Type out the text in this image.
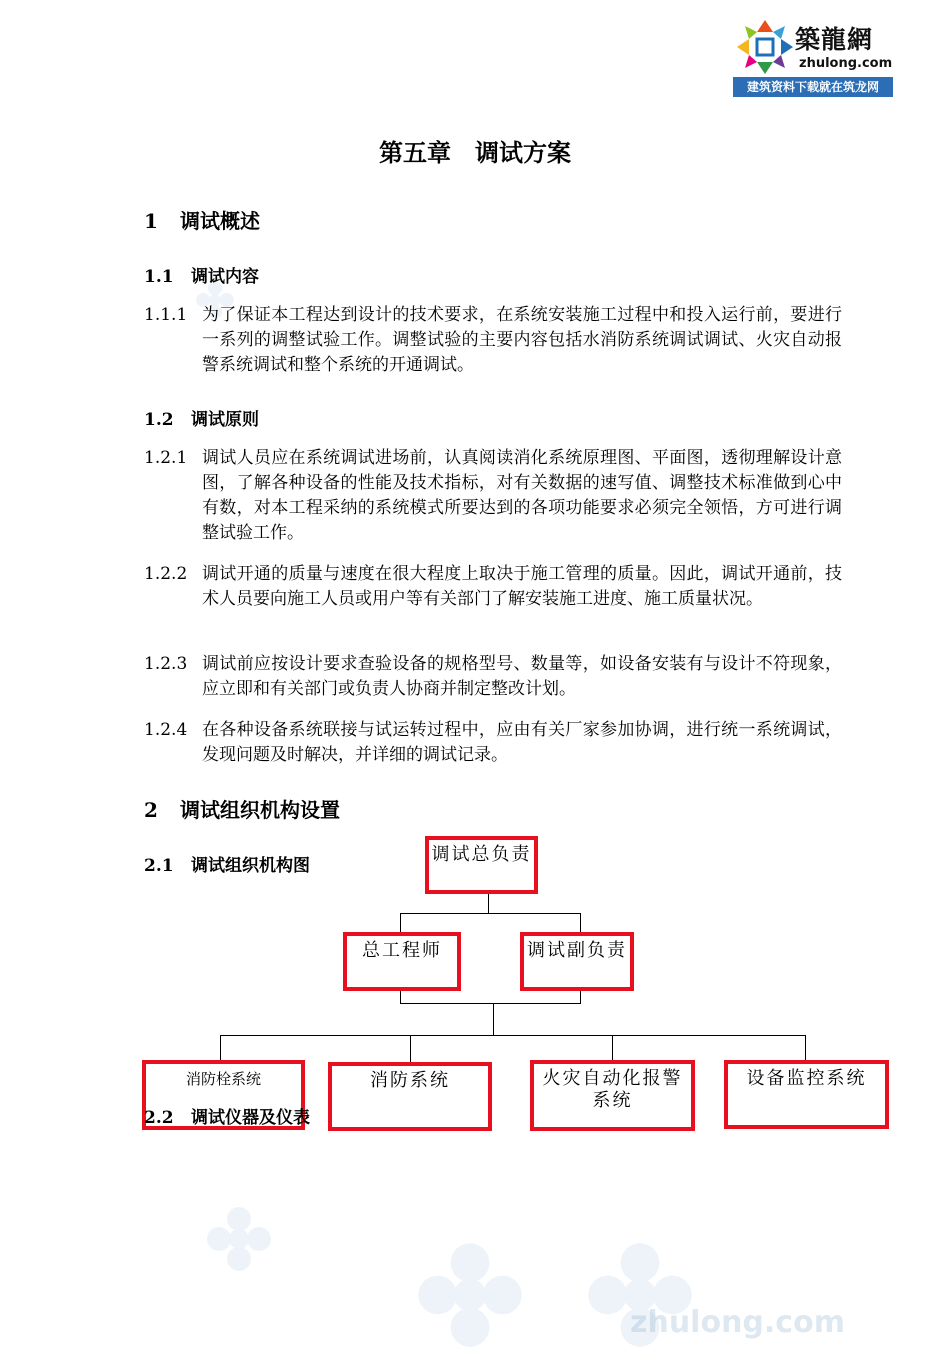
zhulong.com
築龍網
zhulong.com
建筑资料下载就在筑龙网
第五章　调试方案
1 调试概述
1.1 调试内容
1.1.1 为了保证本工程达到设计的技术要求，在系统安装施工过程中和投入运行前，要进行一系列的调整试验工作。调整试验的主要内容包括水消防系统调试调试、火灾自动报警系统调试和整个系统的开通调试。
1.2 调试原则
1.2.1 调试人员应在系统调试进场前，认真阅读消化系统原理图、平面图，透彻理解设计意图，了解各种设备的性能及技术指标，对有关数据的速写值、调整技术标准做到心中有数，对本工程采纳的系统模式所要达到的各项功能要求必须完全领悟，方可进行调整试验工作。
1.2.2 调试开通的质量与速度在很大程度上取决于施工管理的质量。因此，调试开通前，技术人员要向施工人员或用户等有关部门了解安装施工进度、施工质量状况。
1.2.3 调试前应按设计要求查验设备的规格型号、数量等，如设备安装有与设计不符现象，应立即和有关部门或负责人协商并制定整改计划。
1.2.4 在各种设备系统联接与试运转过程中，应由有关厂家参加协调，进行统一系统调试，发现问题及时解决，并详细的调试记录。
2 调试组织机构设置
2.1 调试组织机构图
调试总负责
总工程师	调试副负责
消防栓系统	消防系统	火灾自动化报警
系统
设备监控系统
2.2 调试仪器及仪表
